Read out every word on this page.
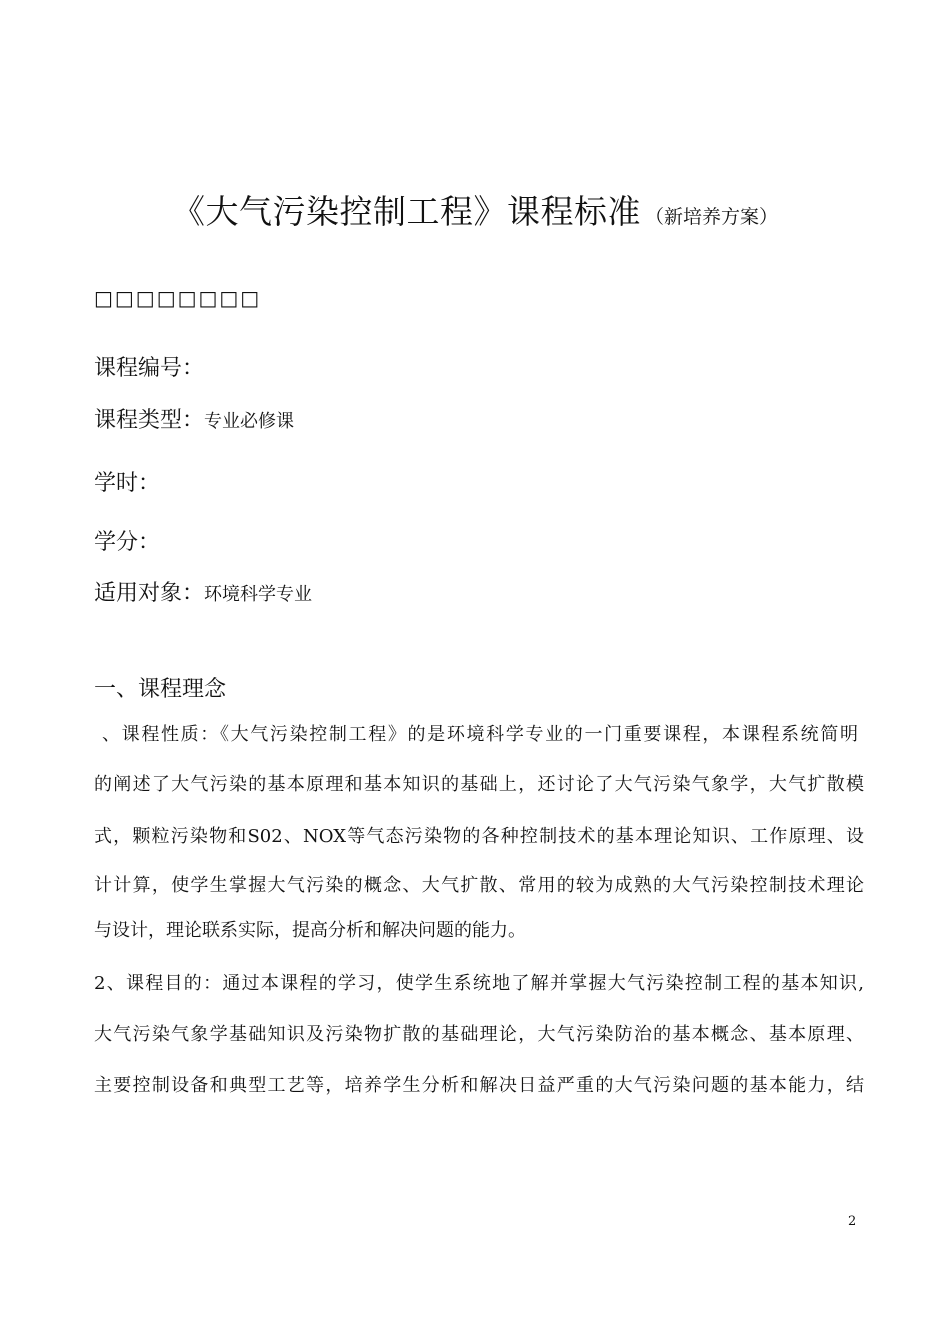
《大气污染控制工程》课程标准 （新培养方案）
□□□□□□□□
课程编号：
课程类型：专业必修课
学时：
学分：
适用对象：环境科学专业
一、课程理念
、课程性质：《大气污染控制工程》的是环境科学专业的一门重要课程，本课程系统简明
的阐述了大气污染的基本原理和基本知识的基础上，还讨论了大气污染气象学，大气扩散模
式，颗粒污染物和S02、NOX等气态污染物的各种控制技术的基本理论知识、工作原理、设
计计算，使学生掌握大气污染的概念、大气扩散、常用的较为成熟的大气污染控制技术理论
与设计，理论联系实际，提高分析和解决问题的能力。
2、课程目的：通过本课程的学习，使学生系统地了解并掌握大气污染控制工程的基本知识,
大气污染气象学基础知识及污染物扩散的基础理论，大气污染防治的基本概念、基本原理、
主要控制设备和典型工艺等，培养学生分析和解决日益严重的大气污染问题的基本能力，结
2
